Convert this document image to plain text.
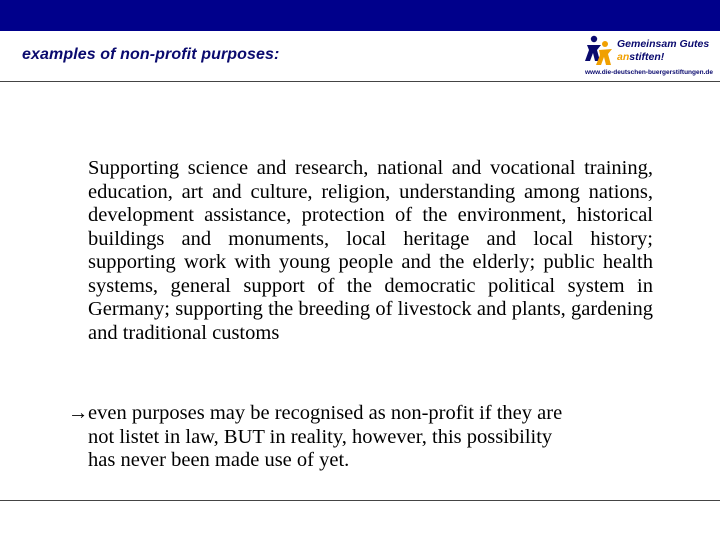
examples of non-profit purposes:
Gemeinsam Gutes
anstiften!
www.die-deutschen-buergerstiftungen.de
Supporting science and research, national and vocational training, education, art and culture, religion, understanding among nations, development assistance, protection of the environment, historical buildings and monuments, local heritage and local history; supporting work with young people and the elderly; public health systems, general support of the democratic political system in Germany; supporting the breeding of livestock and plants, gardening and traditional customs
→even purposes may be recognised as non-profit if they are
not listet in law, BUT in reality, however, this possibility
has never been made use of yet.
